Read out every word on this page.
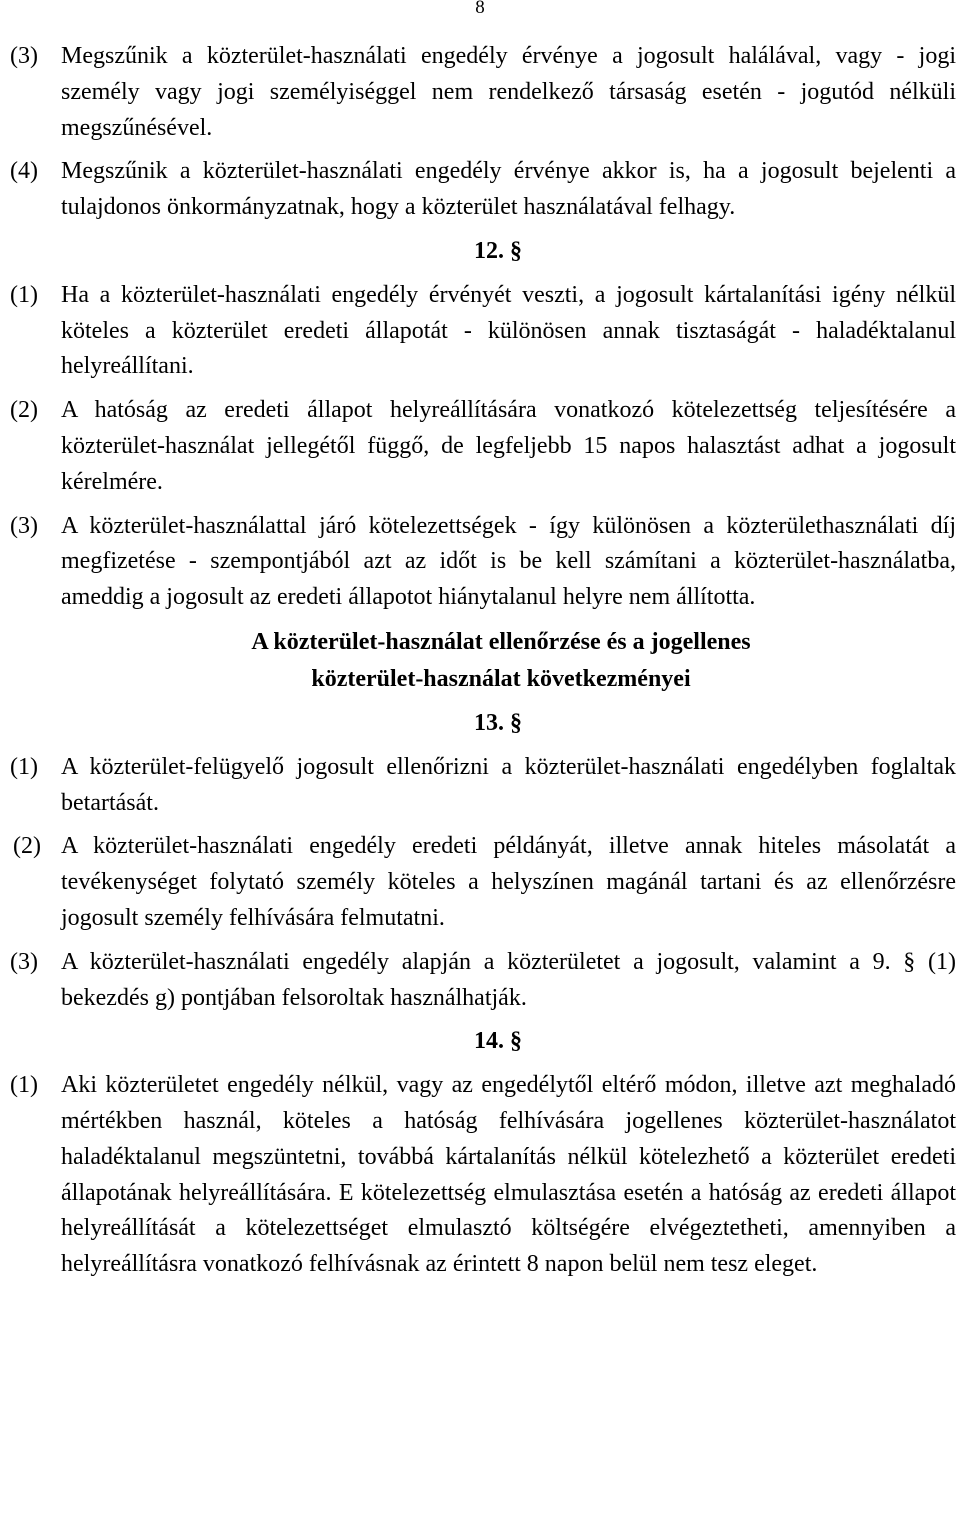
8
(3) Megszűnik a közterület-használati engedély érvénye a jogosult halálával, vagy - jogi személy vagy jogi személyiséggel nem rendelkező társaság esetén - jogutód nélküli megszűnésével.
(4) Megszűnik a közterület-használati engedély érvénye akkor is, ha a jogosult bejelenti a tulajdonos önkormányzatnak, hogy a közterület használatával felhagy.
12. §
(1) Ha a közterület-használati engedély érvényét veszti, a jogosult kártalanítási igény nélkül köteles a közterület eredeti állapotát - különösen annak tisztaságát - haladéktalanul helyreállítani.
(2) A hatóság az eredeti állapot helyreállítására vonatkozó kötelezettség teljesítésére a közterület-használat jellegétől függő, de legfeljebb 15 napos halasztást adhat a jogosult kérelmére.
(3) A közterület-használattal járó kötelezettségek - így különösen a közterülethasználati díj megfizetése - szempontjából azt az időt is be kell számítani a közterület-használatba, ameddig a jogosult az eredeti állapotot hiánytalanul helyre nem állította.
A közterület-használat ellenőrzése és a jogellenes
közterület-használat következményei
13. §
(1) A közterület-felügyelő jogosult ellenőrizni a közterület-használati engedélyben foglaltak betartását.
(2) A közterület-használati engedély eredeti példányát, illetve annak hiteles másolatát a tevékenységet folytató személy köteles a helyszínen magánál tartani és az ellenőrzésre jogosult személy felhívására felmutatni.
(3) A közterület-használati engedély alapján a közterületet a jogosult, valamint a 9. § (1) bekezdés g) pontjában felsoroltak használhatják.
14. §
(1) Aki közterületet engedély nélkül, vagy az engedélytől eltérő módon, illetve azt meghaladó mértékben használ, köteles a hatóság felhívására jogellenes közterület-használatot haladéktalanul megszüntetni, továbbá kártalanítás nélkül kötelezhető a közterület eredeti állapotának helyreállítására. E kötelezettség elmulasztása esetén a hatóság az eredeti állapot helyreállítását a kötelezettséget elmulasztó költségére elvégeztetheti, amennyiben a helyreállításra vonatkozó felhívásnak az érintett 8 napon belül nem tesz eleget.
